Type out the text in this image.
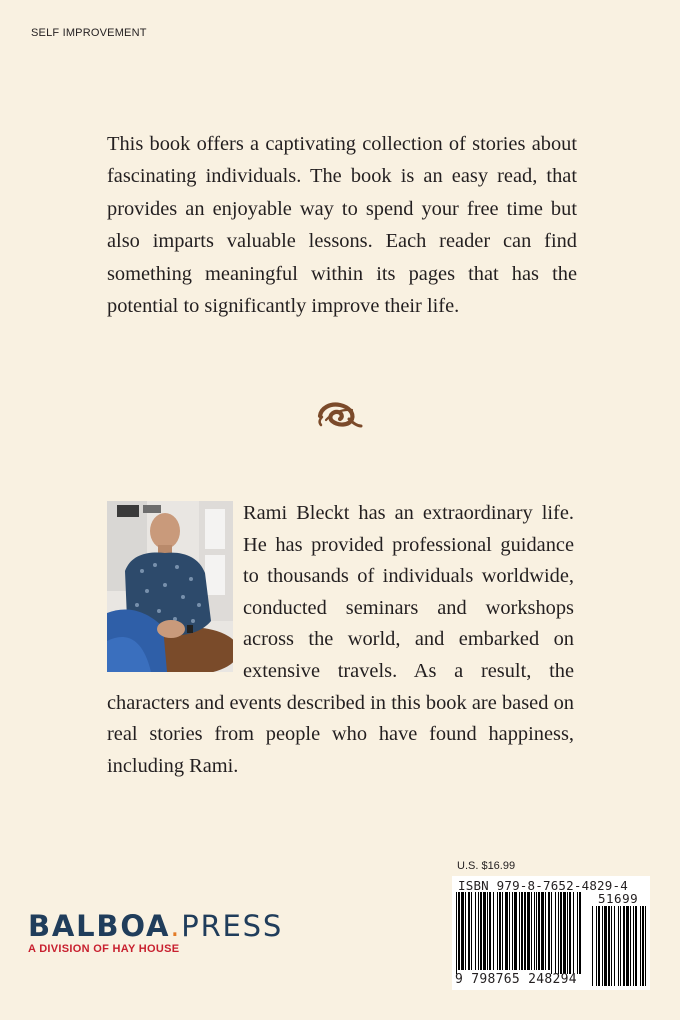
SELF IMPROVEMENT

This book offers a captivating collection of stories about fascinating individuals. The book is an easy read, that provides an enjoyable way to spend your free time but also imparts valuable lessons. Each reader can find something meaningful within its pages that has the potential to significantly improve their life.

Rami Bleckt has an extraordinary life. He has provided professional guidance to thousands of individuals worldwide, conducted seminars and workshops across the world, and embarked on extensive travels. As a result, the characters and events described in this book are based on real stories from people who have found happiness, including Rami.

BALBOA.PRESS
A DIVISION OF HAY HOUSE
U.S. $16.99
ISBN 979-8-7652-4829-4
51699
9 798765 248294
